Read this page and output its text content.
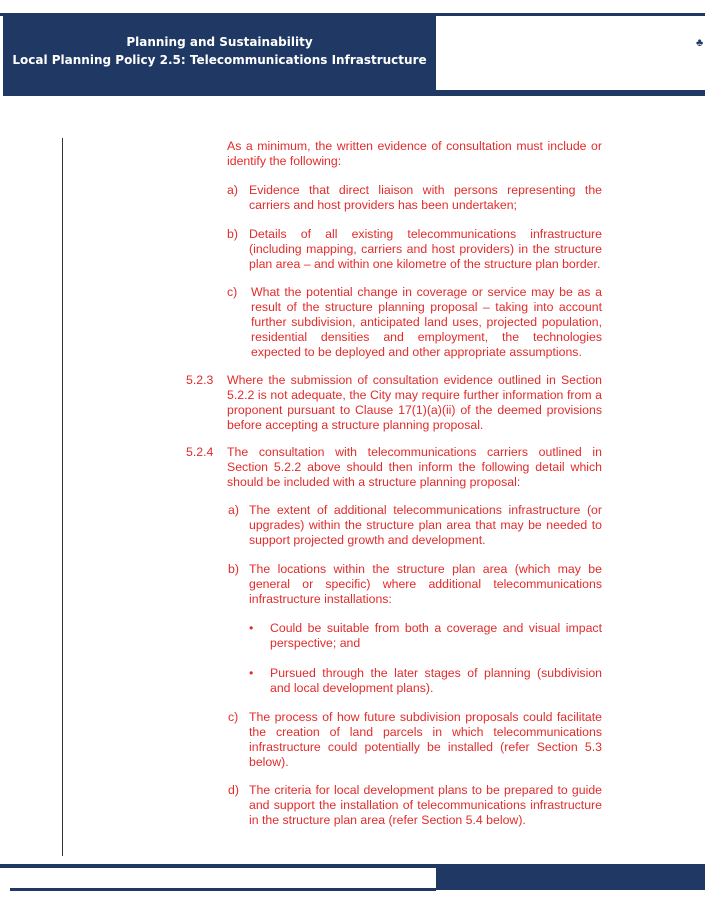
Planning and Sustainability
Local Planning Policy 2.5: Telecommunications Infrastructure
♣

As a minimum, the written evidence of consultation must include or identify the following:

a) Evidence that direct liaison with persons representing the carriers and host providers has been undertaken;

b) Details of all existing telecommunications infrastructure (including mapping, carriers and host providers) in the structure plan area – and within one kilometre of the structure plan border.

c) What the potential change in coverage or service may be as a result of the structure planning proposal – taking into account further subdivision, anticipated land uses, projected population, residential densities and employment, the technologies expected to be deployed and other appropriate assumptions.

5.2.3 Where the submission of consultation evidence outlined in Section 5.2.2 is not adequate, the City may require further information from a proponent pursuant to Clause 17(1)(a)(ii) of the deemed provisions before accepting a structure planning proposal.

5.2.4 The consultation with telecommunications carriers outlined in Section 5.2.2 above should then inform the following detail which should be included with a structure planning proposal:

a) The extent of additional telecommunications infrastructure (or upgrades) within the structure plan area that may be needed to support projected growth and development.

b) The locations within the structure plan area (which may be general or specific) where additional telecommunications infrastructure installations:

• Could be suitable from both a coverage and visual impact perspective; and

• Pursued through the later stages of planning (subdivision and local development plans).

c) The process of how future subdivision proposals could facilitate the creation of land parcels in which telecommunications infrastructure could potentially be installed (refer Section 5.3 below).

d) The criteria for local development plans to be prepared to guide and support the installation of telecommunications infrastructure in the structure plan area (refer Section 5.4 below).
